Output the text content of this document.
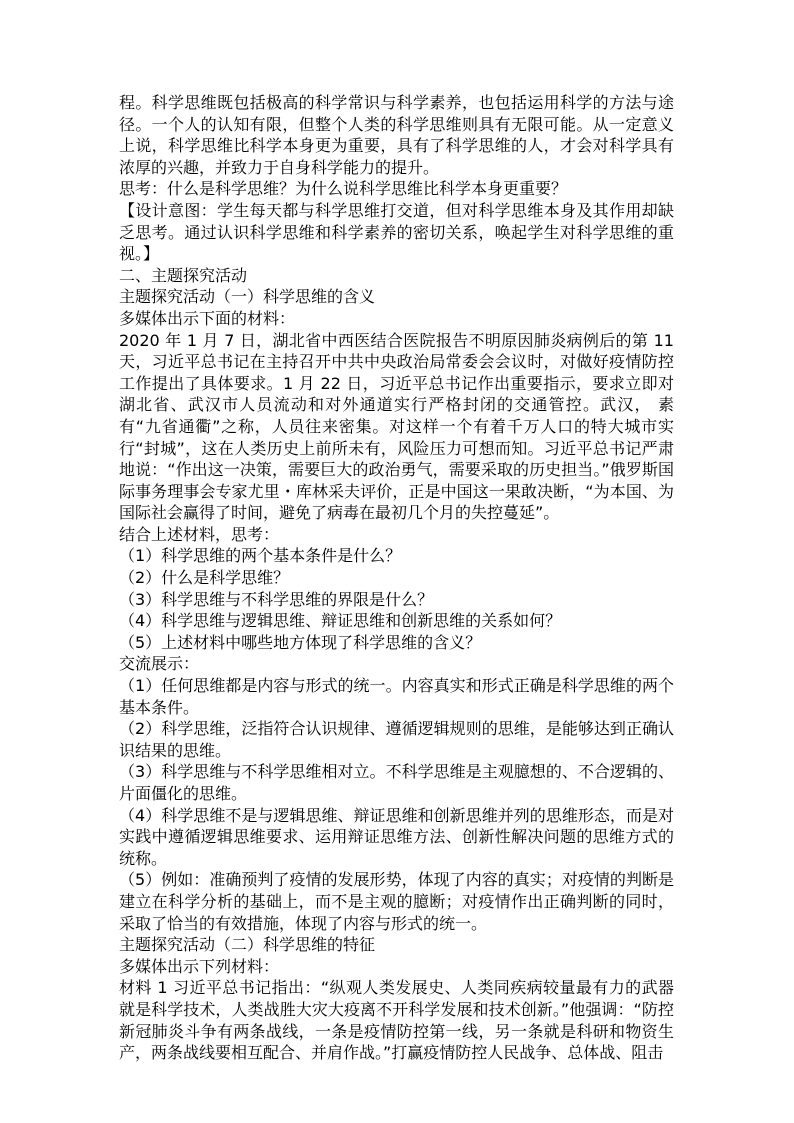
程。科学思维既包括极高的科学常识与科学素养，也包括运用科学的方法与途径。一个人的认知有限，但整个人类的科学思维则具有无限可能。从一定意义上说，科学思维比科学本身更为重要，具有了科学思维的人，才会对科学具有浓厚的兴趣，并致力于自身科学能力的提升。

思考：什么是科学思维？为什么说科学思维比科学本身更重要？

【设计意图：学生每天都与科学思维打交道，但对科学思维本身及其作用却缺乏思考。通过认识科学思维和科学素养的密切关系，唤起学生对科学思维的重视。】

二、主题探究活动

主题探究活动（一）科学思维的含义

多媒体出示下面的材料：

2020 年 1 月 7 日，湖北省中西医结合医院报告不明原因肺炎病例后的第 11 天，习近平总书记在主持召开中共中央政治局常委会会议时，对做好疫情防控工作提出了具体要求。1 月 22 日，习近平总书记作出重要指示，要求立即对湖北省、武汉市人员流动和对外通道实行严格封闭的交通管控。武汉， 素有“九省通衢”之称，人员往来密集。对这样一个有着千万人口的特大城市实行“封城”，这在人类历史上前所未有，风险压力可想而知。习近平总书记严肃地说：“作出这一决策，需要巨大的政治勇气，需要采取的历史担当。”俄罗斯国际事务理事会专家尤里・库林采夫评价，正是中国这一果敢决断，“为本国、为国际社会赢得了时间，避免了病毒在最初几个月的失控蔓延”。

结合上述材料，思考：

（1）科学思维的两个基本条件是什么？

（2）什么是科学思维？

（3）科学思维与不科学思维的界限是什么？

（4）科学思维与逻辑思维、辩证思维和创新思维的关系如何？

（5）上述材料中哪些地方体现了科学思维的含义？

交流展示：

（1）任何思维都是内容与形式的统一。内容真实和形式正确是科学思维的两个基本条件。

（2）科学思维，泛指符合认识规律、遵循逻辑规则的思维，是能够达到正确认识结果的思维。

（3）科学思维与不科学思维相对立。不科学思维是主观臆想的、不合逻辑的、片面僵化的思维。

（4）科学思维不是与逻辑思维、辩证思维和创新思维并列的思维形态，而是对实践中遵循逻辑思维要求、运用辩证思维方法、创新性解决问题的思维方式的统称。

（5）例如：准确预判了疫情的发展形势，体现了内容的真实；对疫情的判断是建立在科学分析的基础上，而不是主观的臆断；对疫情作出正确判断的同时，采取了恰当的有效措施，体现了内容与形式的统一。

主题探究活动（二）科学思维的特征

多媒体出示下列材料：

材料 1 习近平总书记指出：“纵观人类发展史、人类同疾病较量最有力的武器就是科学技术，人类战胜大灾大疫离不开科学发展和技术创新。”他强调：“防控新冠肺炎斗争有两条战线，一条是疫情防控第一线，另一条就是科研和物资生产，两条战线要相互配合、并肩作战。”打赢疫情防控人民战争、总体战、阻击
